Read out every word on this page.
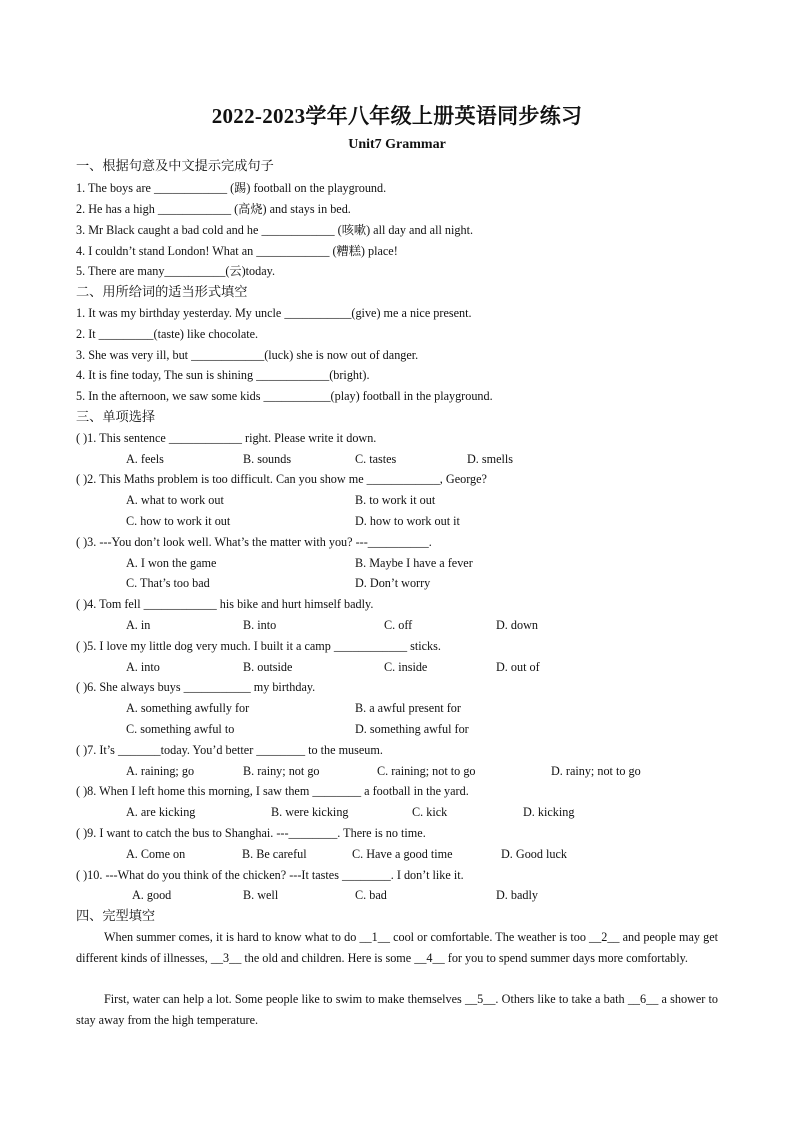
2022-2023学年八年级上册英语同步练习
Unit7 Grammar
一、根据句意及中文提示完成句子
1. The boys are ____________ (踢) football on the playground.
2. He has a high ____________ (高烧) and stays in bed.
3. Mr Black caught a bad cold and he ____________ (咳嗽) all day and all night.
4. I couldn’t stand London! What an ____________ (糟糕) place!
5. There are many__________(云)today.
二、用所给词的适当形式填空
1. It was my birthday yesterday. My uncle ___________(give) me a nice present.
2. It _________(taste) like chocolate.
3. She was very ill, but ____________(luck) she is now out of danger.
4. It is fine today, The sun is shining ____________(bright).
5. In the afternoon, we saw some kids ___________(play) football in the playground.
三、单项选择
( )1. This sentence ____________ right. Please write it down.
A. feels	B. sounds	C. tastes	D. smells
( )2. This Maths problem is too difficult. Can you show me ____________, George?
A. what to work out	B. to work it out
C. how to work it out	D. how to work out it
( )3. ---You don’t look well. What’s the matter with you? ---__________.
A. I won the game	B. Maybe I have a fever
C. That’s too bad	D. Don’t worry
( )4. Tom fell ____________ his bike and hurt himself badly.
A. in	B. into	C. off	D. down
( )5. I love my little dog very much. I built it a camp ____________ sticks.
A. into	B. outside	C. inside	D. out of
( )6. She always buys ___________ my birthday.
A. something awfully for	B. a awful present for
C. something awful to	D. something awful for
( )7. It’s _______today. You’d better ________ to the museum.
A. raining; go	B. rainy; not go	C. raining; not to go	D. rainy; not to go
( )8. When I left home this morning, I saw them ________ a football in the yard.
A. are kicking	B. were kicking	C. kick	D. kicking
( )9. I want to catch the bus to Shanghai. ---________. There is no time.
A. Come on	B. Be careful	C. Have a good time	D. Good luck
( )10. ---What do you think of the chicken? ---It tastes ________. I don’t like it.
A. good	B. well	C. bad	D. badly
四、完型填空
When summer comes, it is hard to know what to do __1__ cool or comfortable. The weather is too __2__ and people may get different kinds of illnesses, __3__ the old and children. Here is some __4__ for you to spend summer days more comfortably.
First, water can help a lot. Some people like to swim to make themselves __5__. Others like to take a bath __6__ a shower to stay away from the high temperature.
